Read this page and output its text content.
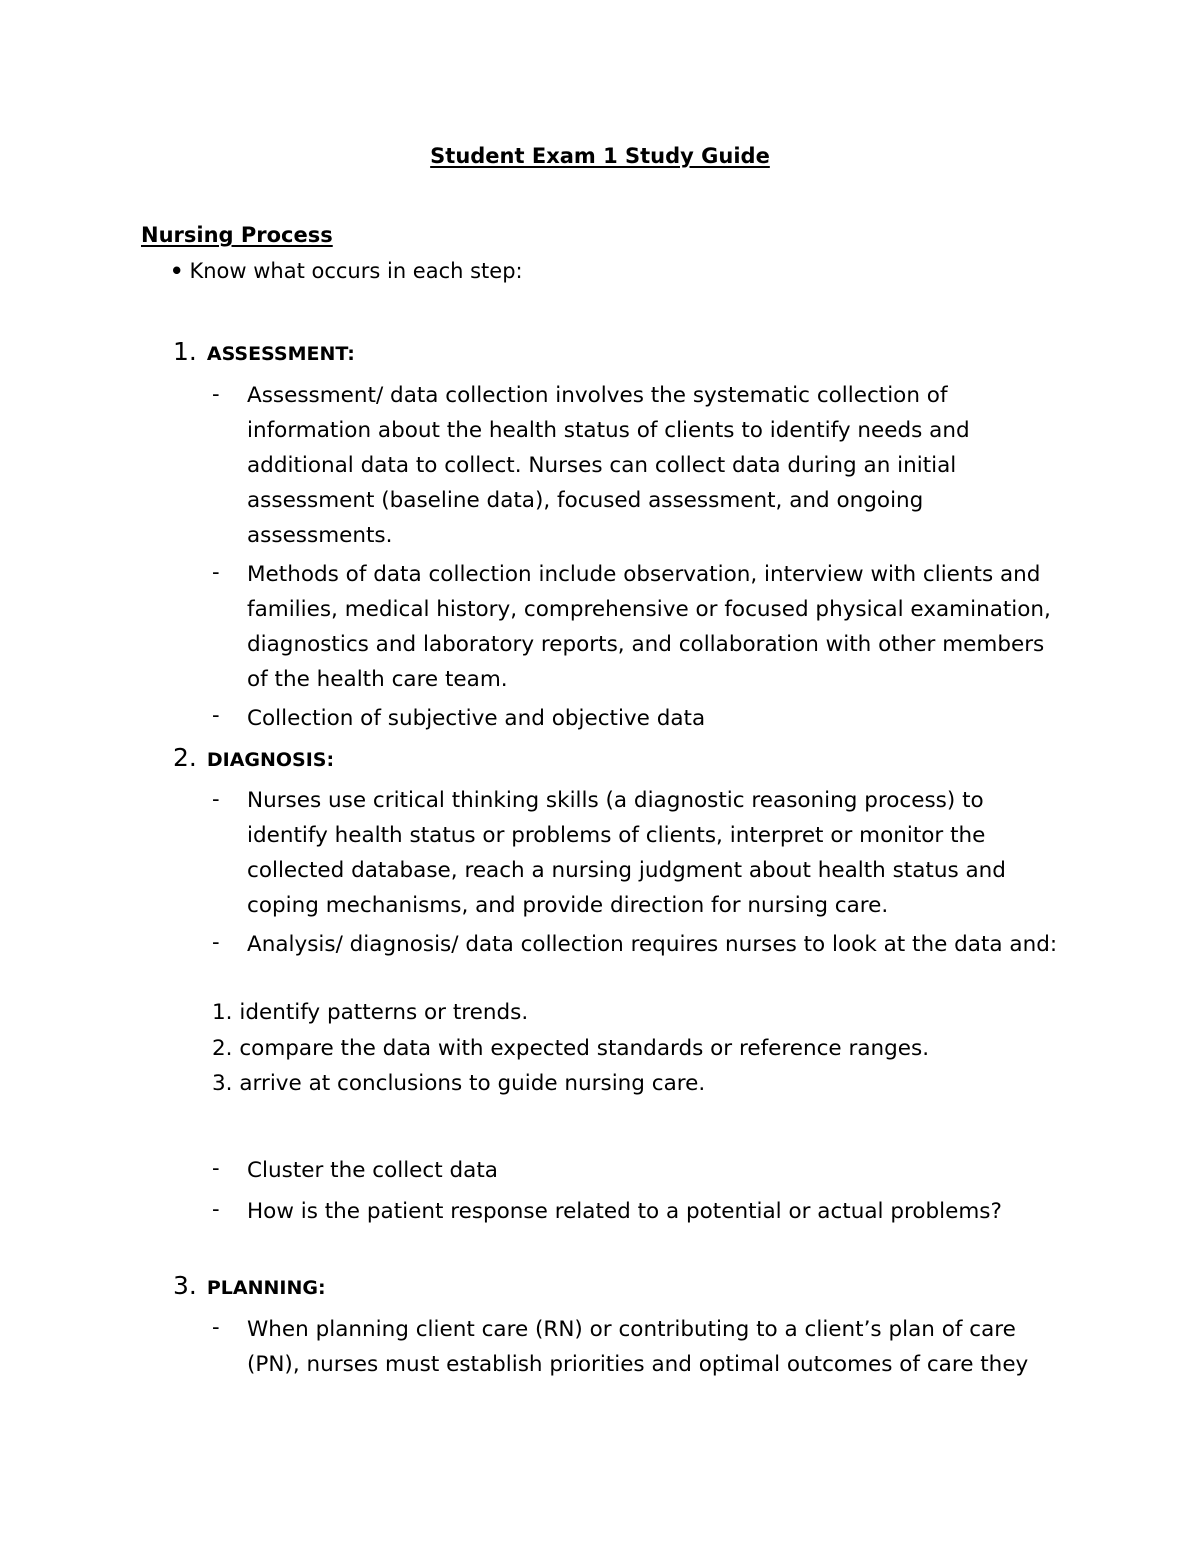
Student Exam 1 Study Guide
Nursing Process
• Know what occurs in each step:
1. ASSESSMENT:
- Assessment/ data collection involves the systematic collection of information about the health status of clients to identify needs and additional data to collect. Nurses can collect data during an initial assessment (baseline data), focused assessment, and ongoing assessments.
- Methods of data collection include observation, interview with clients and families, medical history, comprehensive or focused physical examination, diagnostics and laboratory reports, and collaboration with other members of the health care team.
- Collection of subjective and objective data
2. DIAGNOSIS:
- Nurses use critical thinking skills (a diagnostic reasoning process) to identify health status or problems of clients, interpret or monitor the collected database, reach a nursing judgment about health status and coping mechanisms, and provide direction for nursing care.
- Analysis/ diagnosis/ data collection requires nurses to look at the data and:
1. identify patterns or trends.
2. compare the data with expected standards or reference ranges.
3. arrive at conclusions to guide nursing care.
- Cluster the collect data
- How is the patient response related to a potential or actual problems?
3. PLANNING:
- When planning client care (RN) or contributing to a client’s plan of care (PN), nurses must establish priorities and optimal outcomes of care they
